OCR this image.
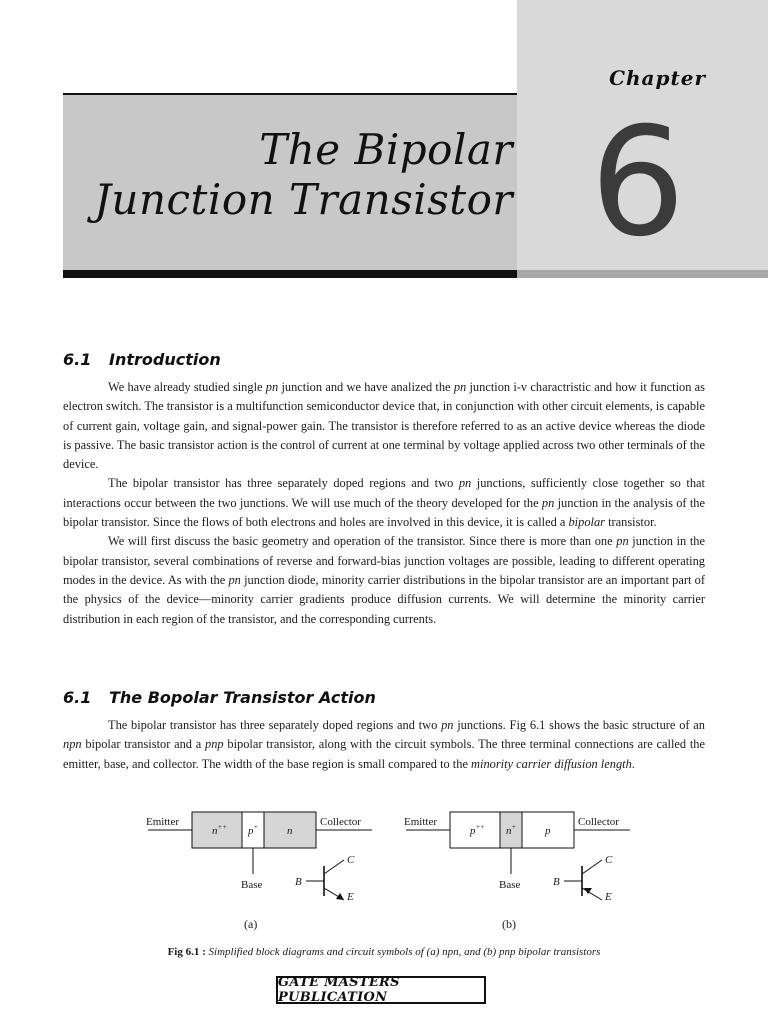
Chapter
6
The Bipolar
Junction Transistor
6.1 Introduction

We have already studied single pn junction and we have analized the pn junction i-v charactristic and how it function as electron switch. The transistor is a multifunction semiconductor device that, in conjunction with other circuit elements, is capable of current gain, voltage gain, and signal-power gain. The transistor is therefore referred to as an active device whereas the diode is passive. The basic transistor action is the control of current at one terminal by voltage applied across two other terminals of the device.

The bipolar transistor has three separately doped regions and two pn junctions, sufficiently close together so that interactions occur between the two junctions. We will use much of the theory developed for the pn junction in the analysis of the bipolar transistor. Since the flows of both electrons and holes are involved in this device, it is called a bipolar transistor.

We will first discuss the basic geometry and operation of the transistor. Since there is more than one pn junction in the bipolar transistor, several combinations of reverse and forward-bias junction voltages are possible, leading to different operating modes in the device. As with the pn junction diode, minority carrier distributions in the bipolar transistor are an important part of the physics of the device—minority carrier gradients produce diffusion currents. We will determine the minority carrier distribution in each region of the transistor, and the corresponding currents.

6.1 The Bopolar Transistor Action

The bipolar transistor has three separately doped regions and two pn junctions. Fig 6.1 shows the basic structure of an npn bipolar transistor and a pnp bipolar transistor, along with the circuit symbols. The three terminal connections are called the emitter, base, and collector. The width of the base region is small compared to the minority carrier diffusion length.

Emitter	Collector
Base
n++ p+	n
B
C
E
(a)
Emitter	Collector
Base
p++ n+	p
B
C
E
(b)
Fig 6.1 : Simplified block diagrams and circuit symbols of (a) npn, and (b) pnp bipolar transistors
GATE MASTERS PUBLICATION
